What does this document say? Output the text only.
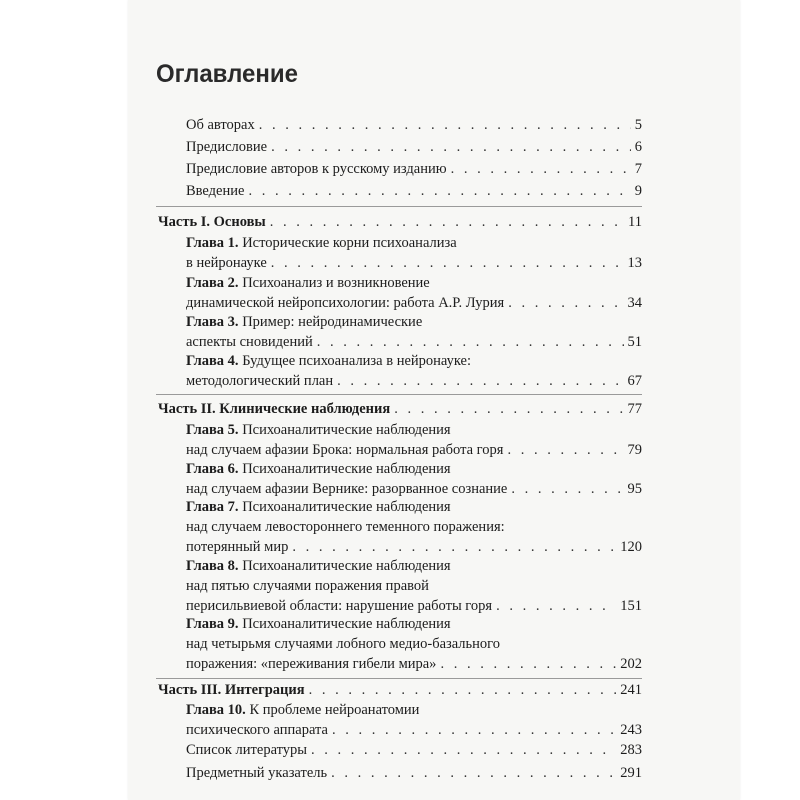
Оглавление
Об авторах . . .	5
Предисловие . . .	6
Предисловие авторов к русскому изданию . . .	7
Введение . . .	9
Часть I. Основы . . .	11
Глава 1. Исторические корни психоанализа
в нейронауке . . .	13
Глава 2. Психоанализ и возникновение
динамической нейропсихологии: работа А.Р. Лурия . . .	34
Глава 3. Пример: нейродинамические
аспекты сновидений . . .	51
Глава 4. Будущее психоанализа в нейронауке:
методологический план . . .	67
Часть II. Клинические наблюдения . . .	77
Глава 5. Психоаналитические наблюдения
над случаем афазии Брока: нормальная работа горя . . .	79
Глава 6. Психоаналитические наблюдения
над случаем афазии Вернике: разорванное сознание . . .	95
Глава 7. Психоаналитические наблюдения
над случаем левостороннего теменного поражения:
потерянный мир . . .	120
Глава 8. Психоаналитические наблюдения
над пятью случаями поражения правой
перисильвиевой области: нарушение работы горя . . .	151
Глава 9. Психоаналитические наблюдения
над четырьмя случаями лобного медио-базального
поражения: «переживания гибели мира» . . .	202
Часть III. Интеграция . . .	241
Глава 10. К проблеме нейроанатомии
психического аппарата . . .	243
Список литературы . . .	283
Предметный указатель . . .	291
